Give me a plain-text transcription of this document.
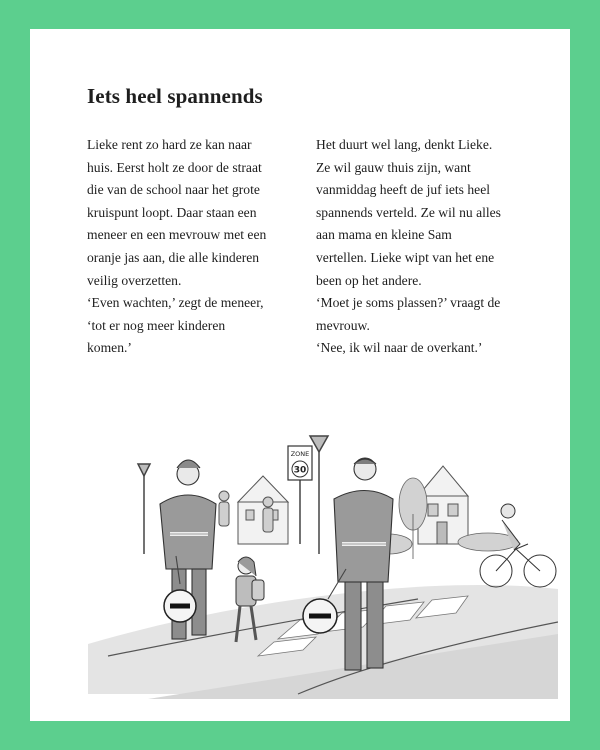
Iets heel spannends
Lieke rent zo hard ze kan naar
huis. Eerst holt ze door de straat
die van de school naar het grote
kruispunt loopt. Daar staan een
meneer en een mevrouw met een
oranje jas aan, die alle kinderen
veilig overzetten.
‘Even wachten,’ zegt de meneer,
‘tot er nog meer kinderen
komen.’
Het duurt wel lang, denkt Lieke.
Ze wil gauw thuis zijn, want
vanmiddag heeft de juf iets heel
spannends verteld. Ze wil nu alles
aan mama en kleine Sam
vertellen. Lieke wipt van het ene
been op het andere.
‘Moet je soms plassen?’ vraagt de
mevrouw.
‘Nee, ik wil naar de overkant.’
ZONE
30
